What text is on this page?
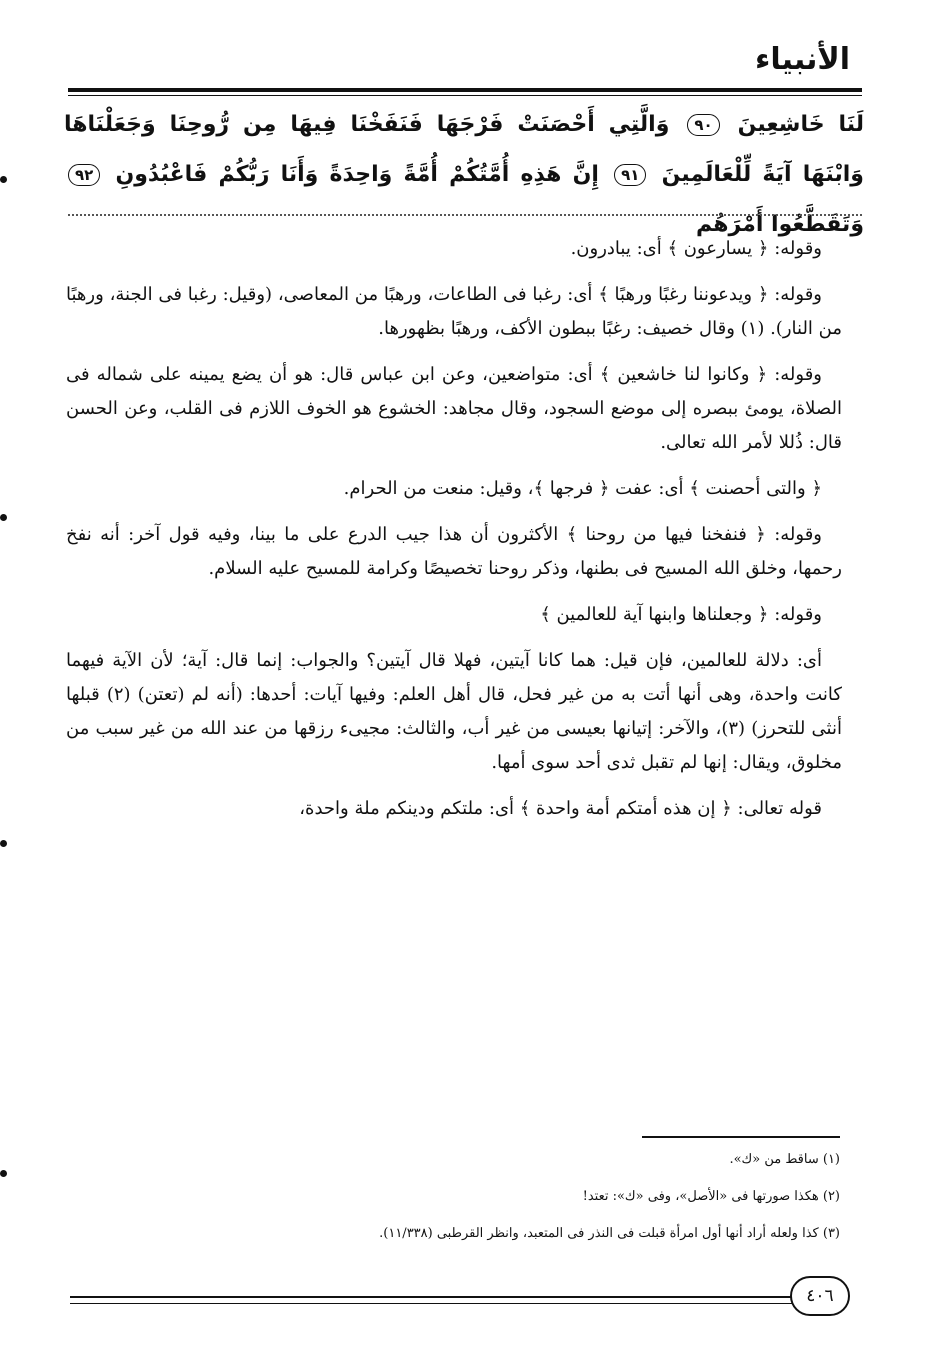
الأنبياء
لَنَا خَاشِعِينَ ٩٠ وَالَّتِي أَحْصَنَتْ فَرْجَهَا فَنَفَخْنَا فِيهَا مِن رُّوحِنَا وَجَعَلْنَاهَا وَابْنَهَا آيَةً لِّلْعَالَمِينَ ٩١ إِنَّ هَذِهِ أُمَّتُكُمْ أُمَّةً وَاحِدَةً وَأَنَا رَبُّكُمْ فَاعْبُدُونِ ٩٢ وَتَقَطَّعُوا أَمْرَهُم

وقوله: ﴿ يسارعون ﴾ أى: يبادرون.

وقوله: ﴿ ويدعوننا رغبًا ورهبًا ﴾ أى: رغبا فى الطاعات، ورهبًا من المعاصى، (وقيل: رغبا فى الجنة، ورهبًا من النار). (١) وقال خصيف: رغبًا ببطون الأكف، ورهبًا بظهورها.

وقوله: ﴿ وكانوا لنا خاشعين ﴾ أى: متواضعين، وعن ابن عباس قال: هو أن يضع يمينه على شماله فى الصلاة، يومئ ببصره إلى موضع السجود، وقال مجاهد: الخشوع هو الخوف اللازم فى القلب، وعن الحسن قال: ذُللا لأمر الله تعالى.

﴿ والتى أحصنت ﴾ أى: عفت ﴿ فرجها ﴾، وقيل: منعت من الحرام.

وقوله: ﴿ فنفخنا فيها من روحنا ﴾ الأكثرون أن هذا جيب الدرع على ما بينا، وفيه قول آخر: أنه نفخ رحمها، وخلق الله المسيح فى بطنها، وذكر روحنا تخصيصًا وكرامة للمسيح عليه السلام.

وقوله: ﴿ وجعلناها وابنها آية للعالمين ﴾

أى: دلالة للعالمين، فإن قيل: هما كانا آيتين، فهلا قال آيتين؟ والجواب: إنما قال: آية؛ لأن الآية فيهما كانت واحدة، وهى أنها أتت به من غير فحل، قال أهل العلم: وفيها آيات: أحدها: (أنه لم (تعتن) (٢) قبلها أنثى للتحرز) (٣)، والآخر: إتيانها بعيسى من غير أب، والثالث: مجيىء رزقها من عند الله من غير سبب من مخلوق، ويقال: إنها لم تقبل ثدى أحد سوى أمها.

قوله تعالى: ﴿ إن هذه أمتكم أمة واحدة ﴾ أى: ملتكم ودينكم ملة واحدة،

(١) ساقط من «ك».
(٢) هكذا صورتها فى «الأصل»، وفى «ك»: تعتد!
(٣) كذا ولعله أراد أنها أول امرأة قبلت فى النذر فى المتعبد، وانظر القرطبى (١١/٣٣٨).
٤٠٦
